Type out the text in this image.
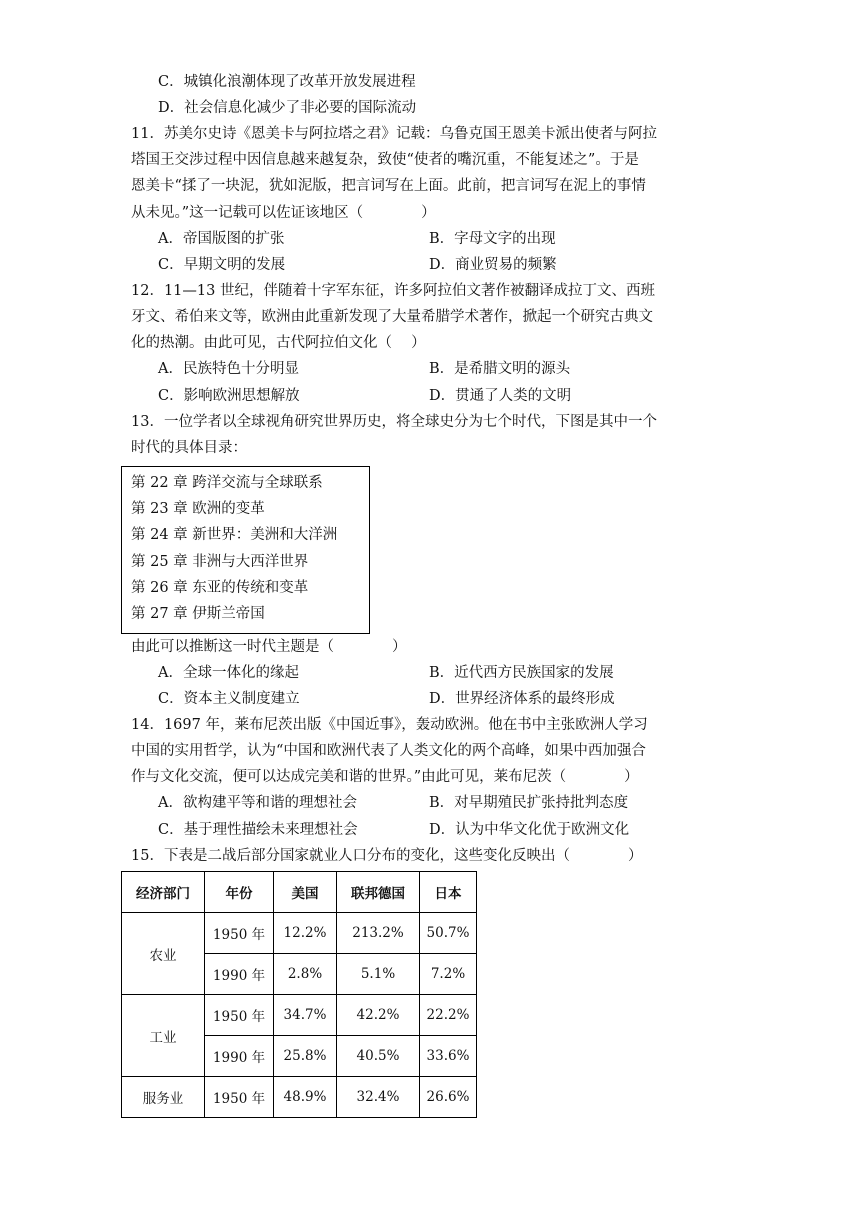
C．城镇化浪潮体现了改革开放发展进程
D．社会信息化减少了非必要的国际流动
11．苏美尔史诗《恩美卡与阿拉塔之君》记载：乌鲁克国王恩美卡派出使者与阿拉
塔国王交涉过程中因信息越来越复杂，致使“使者的嘴沉重，不能复述之”。于是
恩美卡“揉了一块泥，犹如泥版，把言词写在上面。此前，把言词写在泥上的事情
从未见。”这一记载可以佐证该地区（　　　　）
A．帝国版图的扩张	B．字母文字的出现
C．早期文明的发展	D．商业贸易的频繁
12．11—13 世纪，伴随着十字军东征，许多阿拉伯文著作被翻译成拉丁文、西班
牙文、希伯来文等，欧洲由此重新发现了大量希腊学术著作，掀起一个研究古典文
化的热潮。由此可见，古代阿拉伯文化（　 ）
A．民族特色十分明显	B．是希腊文明的源头
C．影响欧洲思想解放	D．贯通了人类的文明
13．一位学者以全球视角研究世界历史，将全球史分为七个时代，下图是其中一个
时代的具体目录：
第 22 章 跨洋交流与全球联系
第 23 章 欧洲的变革
第 24 章 新世界：美洲和大洋洲
第 25 章 非洲与大西洋世界
第 26 章 东亚的传统和变革
第 27 章 伊斯兰帝国
由此可以推断这一时代主题是（　　　　）
A．全球一体化的缘起	B．近代西方民族国家的发展
C．资本主义制度建立	D．世界经济体系的最终形成
14．1697 年，莱布尼茨出版《中国近事》，轰动欧洲。他在书中主张欧洲人学习
中国的实用哲学，认为“中国和欧洲代表了人类文化的两个高峰，如果中西加强合
作与文化交流，便可以达成完美和谐的世界。”由此可见，莱布尼茨（　　　　）
A．欲构建平等和谐的理想社会	B．对早期殖民扩张持批判态度
C．基于理性描绘未来理想社会	D．认为中华文化优于欧洲文化
15．下表是二战后部分国家就业人口分布的变化，这些变化反映出（　　　　）
经济部门	年份	美国	联邦德国	日本
农业	1950 年	12.2%	213.2%	50.7%
	1990 年	2.8%	5.1%	7.2%
工业	1950 年	34.7%	42.2%	22.2%
	1990 年	25.8%	40.5%	33.6%
服务业	1950 年	48.9%	32.4%	26.6%
